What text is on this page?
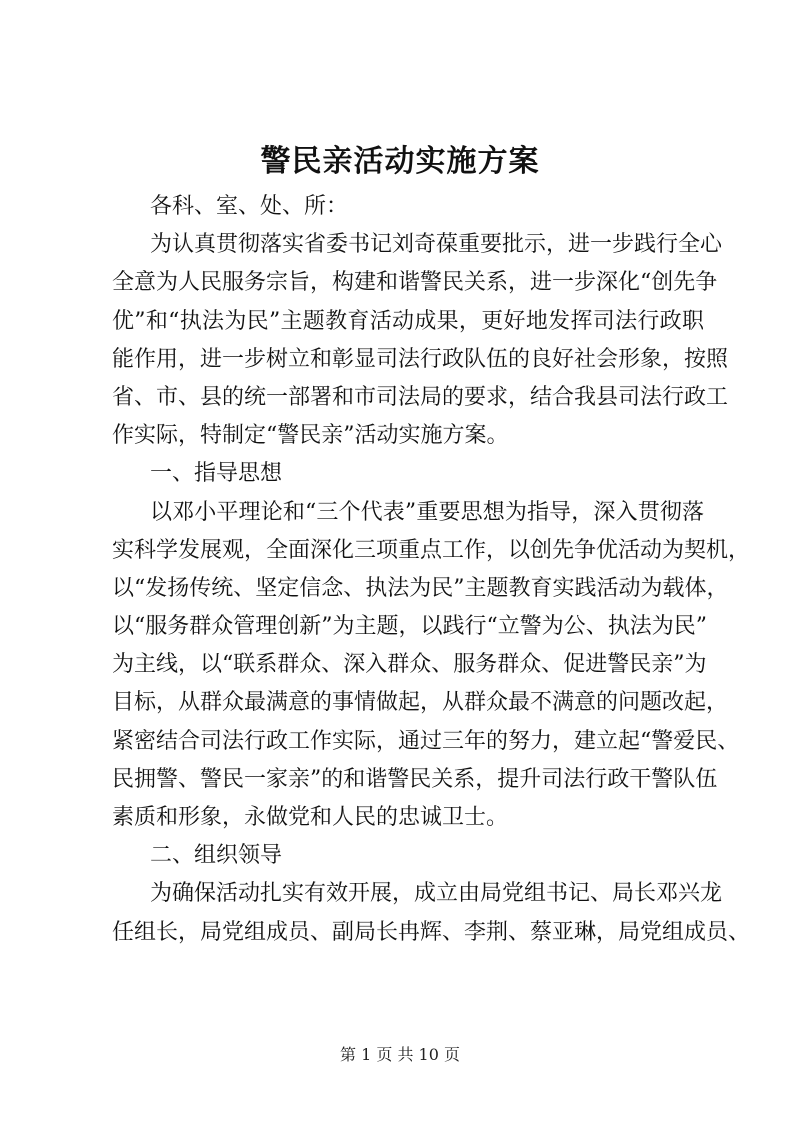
警民亲活动实施方案
各科、室、处、所：
为认真贯彻落实省委书记刘奇葆重要批示，进一步践行全心
全意为人民服务宗旨，构建和谐警民关系，进一步深化“创先争
优”和“执法为民”主题教育活动成果，更好地发挥司法行政职
能作用，进一步树立和彰显司法行政队伍的良好社会形象，按照
省、市、县的统一部署和市司法局的要求，结合我县司法行政工
作实际，特制定“警民亲”活动实施方案。
一、指导思想
以邓小平理论和“三个代表”重要思想为指导，深入贯彻落
实科学发展观，全面深化三项重点工作，以创先争优活动为契机，
以“发扬传统、坚定信念、执法为民”主题教育实践活动为载体，
以“服务群众管理创新”为主题，以践行“立警为公、执法为民”
为主线，以“联系群众、深入群众、服务群众、促进警民亲”为
目标，从群众最满意的事情做起，从群众最不满意的问题改起，
紧密结合司法行政工作实际，通过三年的努力，建立起“警爱民、
民拥警、警民一家亲”的和谐警民关系，提升司法行政干警队伍
素质和形象，永做党和人民的忠诚卫士。
二、组织领导
为确保活动扎实有效开展，成立由局党组书记、局长邓兴龙
任组长，局党组成员、副局长冉辉、李荆、蔡亚琳，局党组成员、
第 1 页 共 10 页
